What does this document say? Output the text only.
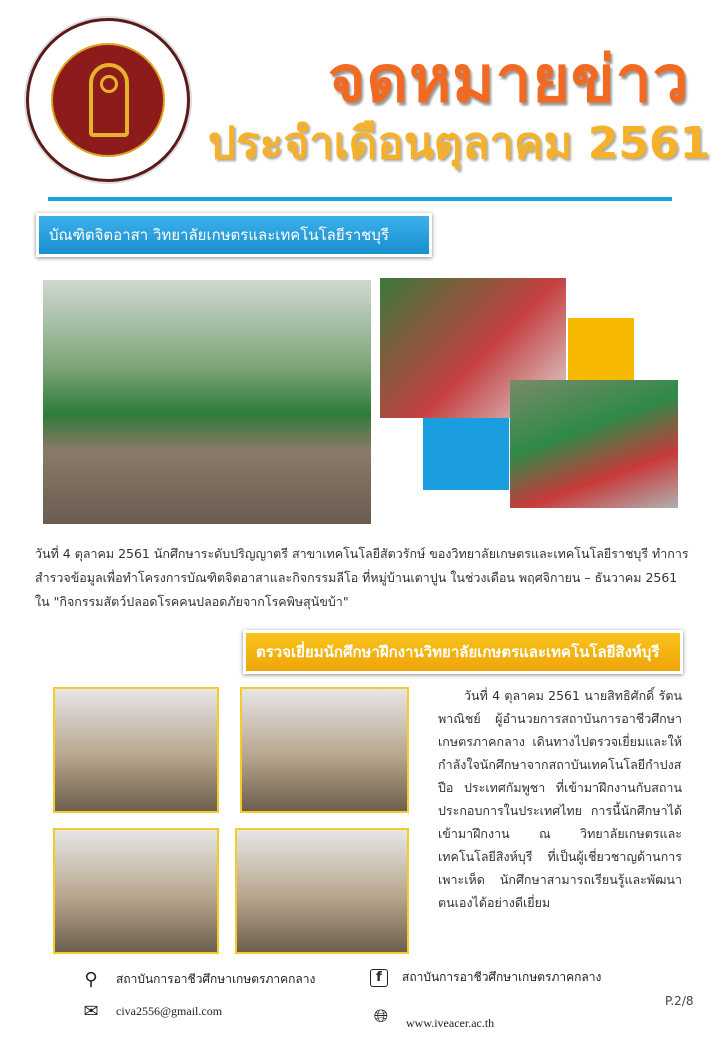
จดหมายข่าว
ประจำเดือนตุลาคม 2561
บัณฑิตจิตอาสา วิทยาลัยเกษตรและเทคโนโลยีราชบุรี
วันที่ 4 ตุลาคม 2561 นักศึกษาระดับปริญญาตรี สาขาเทคโนโลยีสัตวรักษ์ ของวิทยาลัยเกษตรและเทคโนโลยีราชบุรี ทำการสำรวจข้อมูลเพื่อทำโครงการบัณฑิตจิตอาสาและกิจกรรมลีโอ ที่หมู่บ้านเตาปูน ในช่วงเดือน พฤศจิกายน – ธันวาคม 2561 ใน "กิจกรรมสัตว์ปลอดโรคคนปลอดภัยจากโรคพิษสุนัขบ้า"
ตรวจเยี่ยมนักศึกษาฝึกงานวิทยาลัยเกษตรและเทคโนโลยีสิงห์บุรี
วันที่ 4 ตุลาคม 2561 นายสิทธิศักดิ์ รัตนพาณิชย์ ผู้อำนวยการสถาบันการอาชีวศึกษาเกษตรภาคกลาง เดินทางไปตรวจเยี่ยมและให้กำลังใจนักศึกษาจากสถาบันเทคโนโลยีกำปงสปือ ประเทศกัมพูชา ที่เข้ามาฝึกงานกับสถานประกอบการในประเทศไทย การนี้นักศึกษาได้เข้ามาฝึกงาน ณ วิทยาลัยเกษตรและเทคโนโลยีสิงห์บุรี ที่เป็นผู้เชี่ยวชาญด้านการเพาะเห็ด นักศึกษาสามารถเรียนรู้และพัฒนาตนเองได้อย่างดีเยี่ยม
⚲	สถาบันการอาชีวศึกษาเกษตรภาคกลาง
✉ civa2556@gmail.com
f	สถาบันการอาชีวศึกษาเกษตรภาคกลาง
🌐︎	www.iveacer.ac.th
P.2/8
